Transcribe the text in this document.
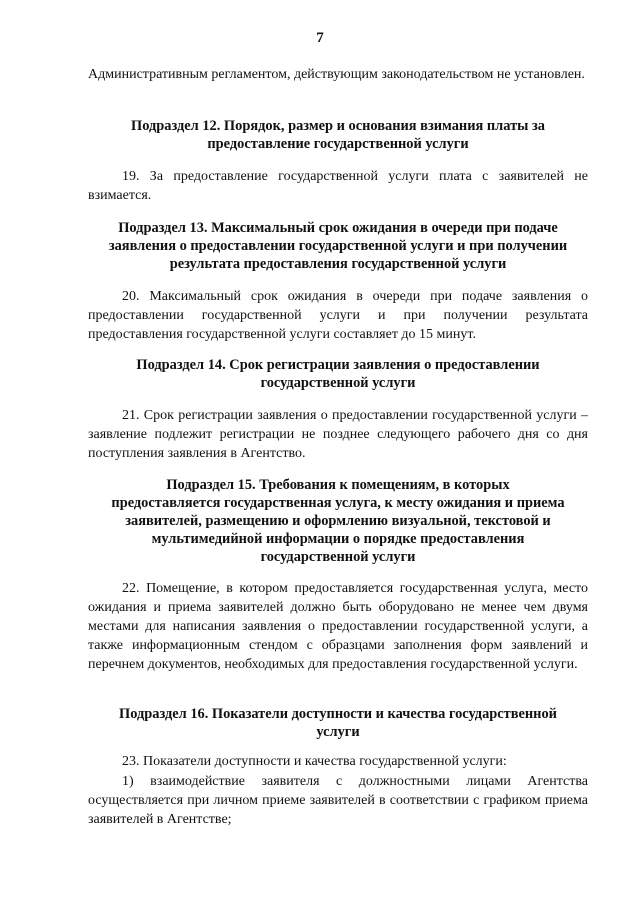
7
Административным регламентом, действующим законодательством не установлен.
Подраздел 12. Порядок, размер и основания взимания платы за
предоставление государственной услуги
19. За предоставление государственной услуги плата с заявителей не взимается.
Подраздел 13. Максимальный срок ожидания в очереди при подаче
заявления о предоставлении государственной услуги и при получении
результата предоставления государственной услуги
20. Максимальный срок ожидания в очереди при подаче заявления о предоставлении государственной услуги и при получении результата предоставления государственной услуги составляет до 15 минут.
Подраздел 14. Срок регистрации заявления о предоставлении
государственной услуги
21. Срок регистрации заявления о предоставлении государственной услуги – заявление подлежит регистрации не позднее следующего рабочего дня со дня поступления заявления в Агентство.
Подраздел 15. Требования к помещениям, в которых
предоставляется государственная услуга, к месту ожидания и приема
заявителей, размещению и оформлению визуальной, текстовой и
мультимедийной информации о порядке предоставления
государственной услуги
22. Помещение, в котором предоставляется государственная услуга, место ожидания и приема заявителей должно быть оборудовано не менее чем двумя местами для написания заявления о предоставлении государственной услуги, а также информационным стендом с образцами заполнения форм заявлений и перечнем документов, необходимых для предоставления государственной услуги.
Подраздел 16. Показатели доступности и качества государственной
услуги
23. Показатели доступности и качества государственной услуги:
1) взаимодействие заявителя с должностными лицами Агентства осуществляется при личном приеме заявителей в соответствии с графиком приема заявителей в Агентстве;
